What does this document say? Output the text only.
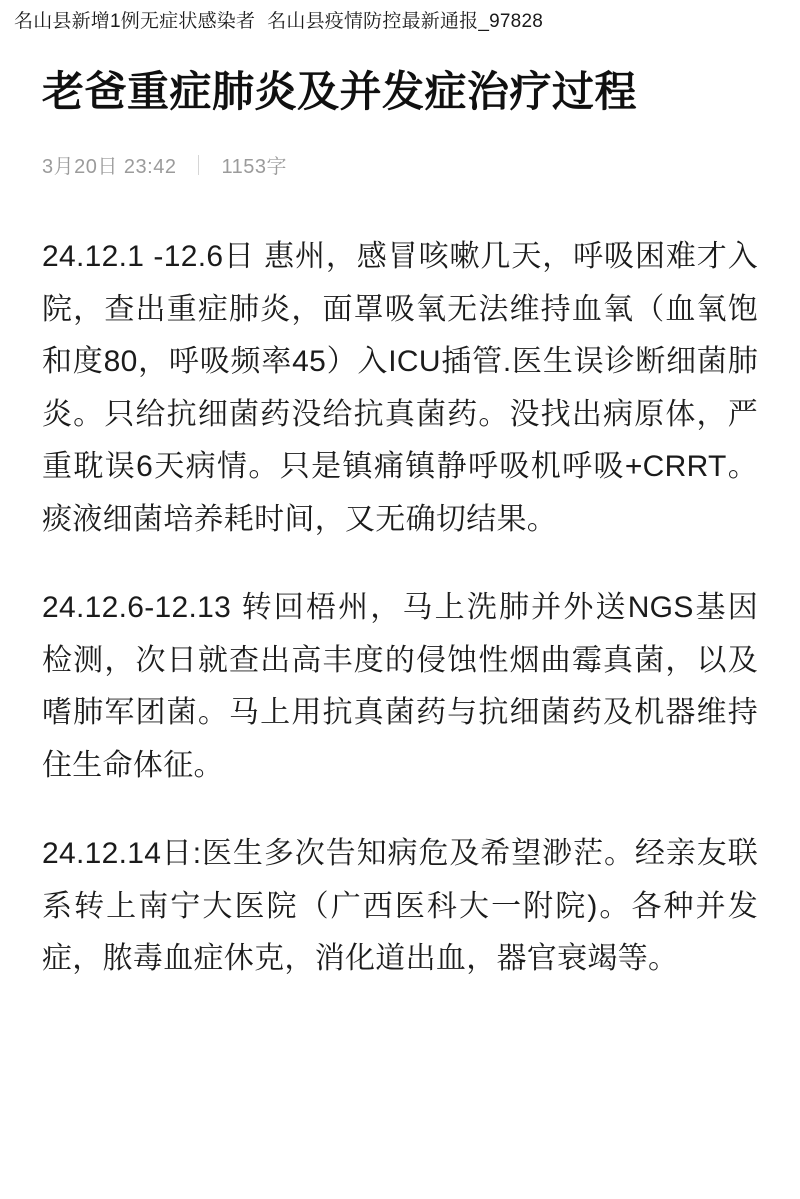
名山县新增1例无症状感染者 名山县疫情防控最新通报_97828
老爸重症肺炎及并发症治疗过程
3月20日 23:42 1153字

24.12.1 -12.6日 惠州，感冒咳嗽几天，呼吸困难才入院，查出重症肺炎，面罩吸氧无法维持血氧（血氧饱和度80，呼吸频率45）入ICU插管.医生误诊断细菌肺炎。只给抗细菌药没给抗真菌药。没找出病原体，严重耽误6天病情。只是镇痛镇静呼吸机呼吸+CRRT。痰液细菌培养耗时间，又无确切结果。

24.12.6-12.13 转回梧州，马上洗肺并外送NGS基因检测，次日就查出高丰度的侵蚀性烟曲霉真菌，以及嗜肺军团菌。马上用抗真菌药与抗细菌药及机器维持住生命体征。

24.12.14日:医生多次告知病危及希望渺茫。经亲友联系转上南宁大医院（广西医科大一附院)。各种并发症，脓毒血症休克，消化道出血，器官衰竭等。
